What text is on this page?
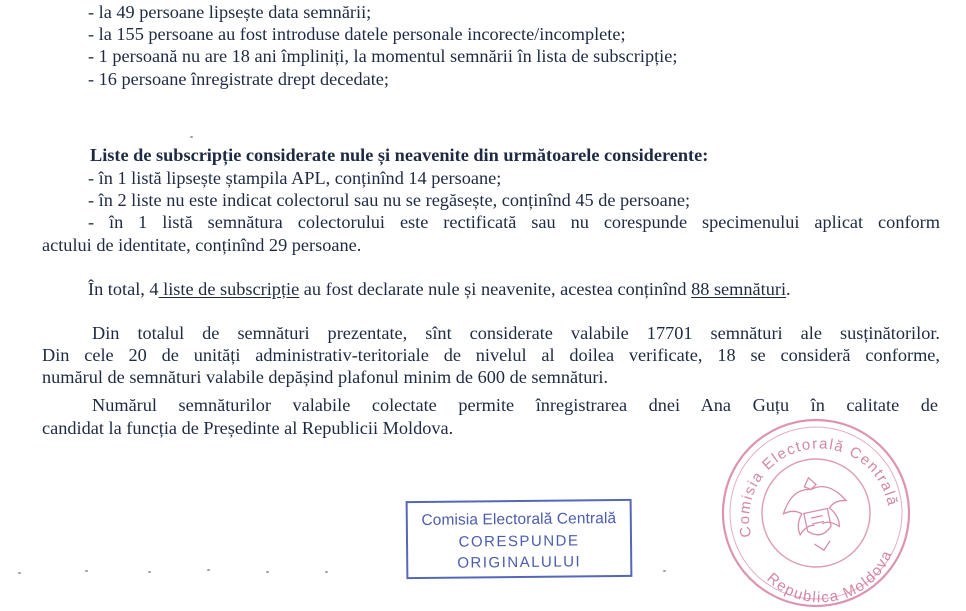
- la 49 persoane lipsește data semnării;
- la 155 persoane au fost introduse datele personale incorecte/incomplete;
- 1 persoană nu are 18 ani împliniți, la momentul semnării în lista de subscripție;
- 16 persoane înregistrate drept decedate;
Liste de subscripție considerate nule și neavenite din următoarele considerente:
- în 1 listă lipsește ștampila APL, conținînd 14 persoane;
- în 2 liste nu este indicat colectorul sau nu se regăsește, conținînd 45 de persoane;
- în 1 listă semnătura colectorului este rectificată sau nu corespunde specimenului aplicat conform
actului de identitate, conținînd 29 persoane.
În total, 4 liste de subscripție au fost declarate nule și neavenite, acestea conținînd 88 semnături.
Din totalul de semnături prezentate, sînt considerate valabile 17701 semnături ale susținătorilor.
Din cele 20 de unități administrativ-teritoriale de nivelul al doilea verificate, 18 se consideră conforme,
numărul de semnături valabile depășind plafonul minim de 600 de semnături.
Numărul semnăturilor valabile colectate permite înregistrarea dnei Ana Guțu în calitate de
candidat la funcția de Președinte al Republicii Moldova.
Comisia Electorală Centrală
CORESPUNDE
ORIGINALULUI
Comisia Electorală Centrală
Republica Moldova
